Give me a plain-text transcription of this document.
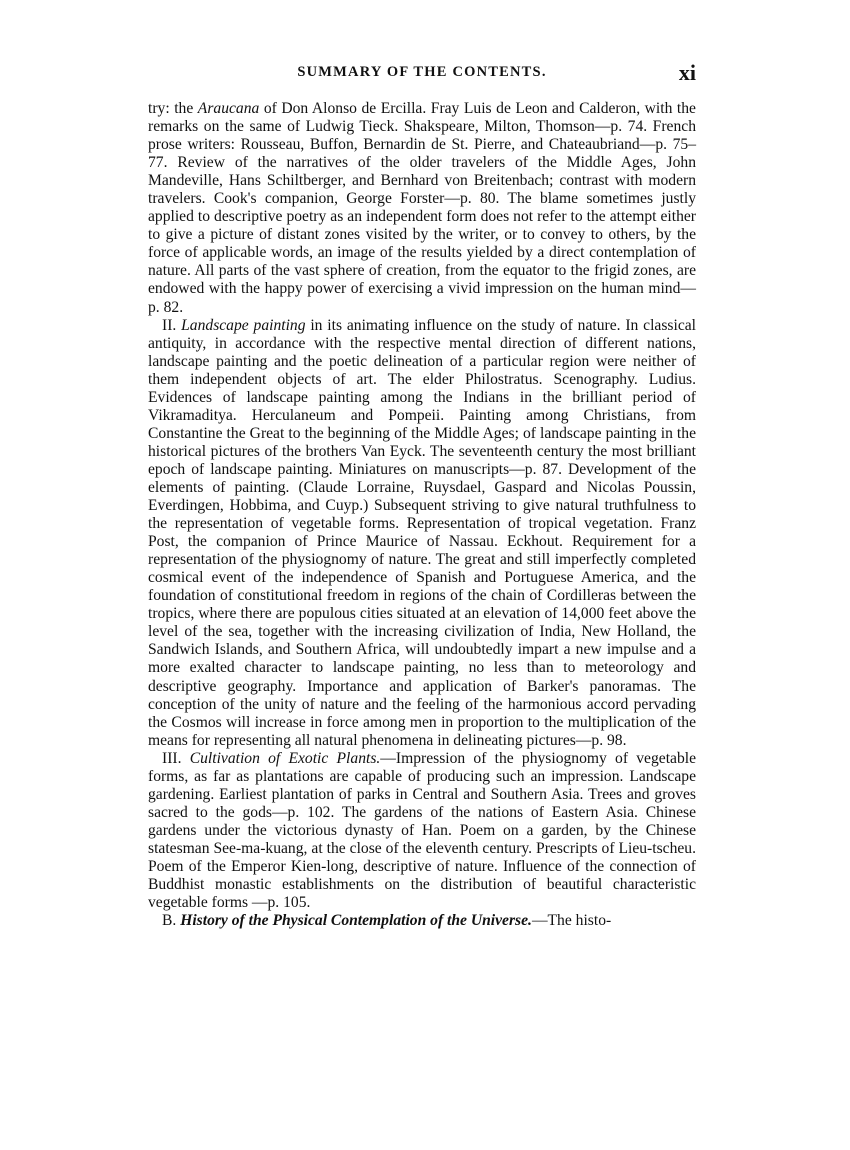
SUMMARY OF THE CONTENTS.	xi

try: the Araucana of Don Alonso de Ercilla. Fray Luis de Leon and Calderon, with the remarks on the same of Ludwig Tieck. Shakspeare, Milton, Thomson—p. 74. French prose writers: Rousseau, Buffon, Bernardin de St. Pierre, and Chateaubriand—p. 75–77. Review of the narratives of the older travelers of the Middle Ages, John Mandeville, Hans Schiltberger, and Bernhard von Breitenbach; contrast with modern travelers. Cook's companion, George Forster—p. 80. The blame sometimes justly applied to descriptive poetry as an independent form does not refer to the attempt either to give a picture of distant zones visited by the writer, or to convey to others, by the force of applicable words, an image of the results yielded by a direct contemplation of nature. All parts of the vast sphere of creation, from the equator to the frigid zones, are endowed with the happy power of exercising a vivid impression on the human mind—p. 82.

II. Landscape painting in its animating influence on the study of nature. In classical antiquity, in accordance with the respective mental direction of different nations, landscape painting and the poetic delineation of a particular region were neither of them independent objects of art. The elder Philostratus. Scenography. Ludius. Evidences of landscape painting among the Indians in the brilliant period of Vikramaditya. Herculaneum and Pompeii. Painting among Christians, from Constantine the Great to the beginning of the Middle Ages; of landscape painting in the historical pictures of the brothers Van Eyck. The seventeenth century the most brilliant epoch of landscape painting. Miniatures on manuscripts—p. 87. Development of the elements of painting. (Claude Lorraine, Ruysdael, Gaspard and Nicolas Poussin, Everdingen, Hobbima, and Cuyp.) Subsequent striving to give natural truthfulness to the representation of vegetable forms. Representation of tropical vegetation. Franz Post, the companion of Prince Maurice of Nassau. Eckhout. Requirement for a representation of the physiognomy of nature. The great and still imperfectly completed cosmical event of the independence of Spanish and Portuguese America, and the foundation of constitutional freedom in regions of the chain of Cordilleras between the tropics, where there are populous cities situated at an elevation of 14,000 feet above the level of the sea, together with the increasing civilization of India, New Holland, the Sandwich Islands, and Southern Africa, will undoubtedly impart a new impulse and a more exalted character to landscape painting, no less than to meteorology and descriptive geography. Importance and application of Barker's panoramas. The conception of the unity of nature and the feeling of the harmonious accord pervading the Cosmos will increase in force among men in proportion to the multiplication of the means for representing all natural phenomena in delineating pictures—p. 98.

III. Cultivation of Exotic Plants.—Impression of the physiognomy of vegetable forms, as far as plantations are capable of producing such an impression. Landscape gardening. Earliest plantation of parks in Central and Southern Asia. Trees and groves sacred to the gods—p. 102. The gardens of the nations of Eastern Asia. Chinese gardens under the victorious dynasty of Han. Poem on a garden, by the Chinese statesman See-ma-kuang, at the close of the eleventh century. Prescripts of Lieu-tscheu. Poem of the Emperor Kien-long, descriptive of nature. Influence of the connection of Buddhist monastic establishments on the distribution of beautiful characteristic vegetable forms —p. 105.

B. History of the Physical Contemplation of the Universe.—The histo-
